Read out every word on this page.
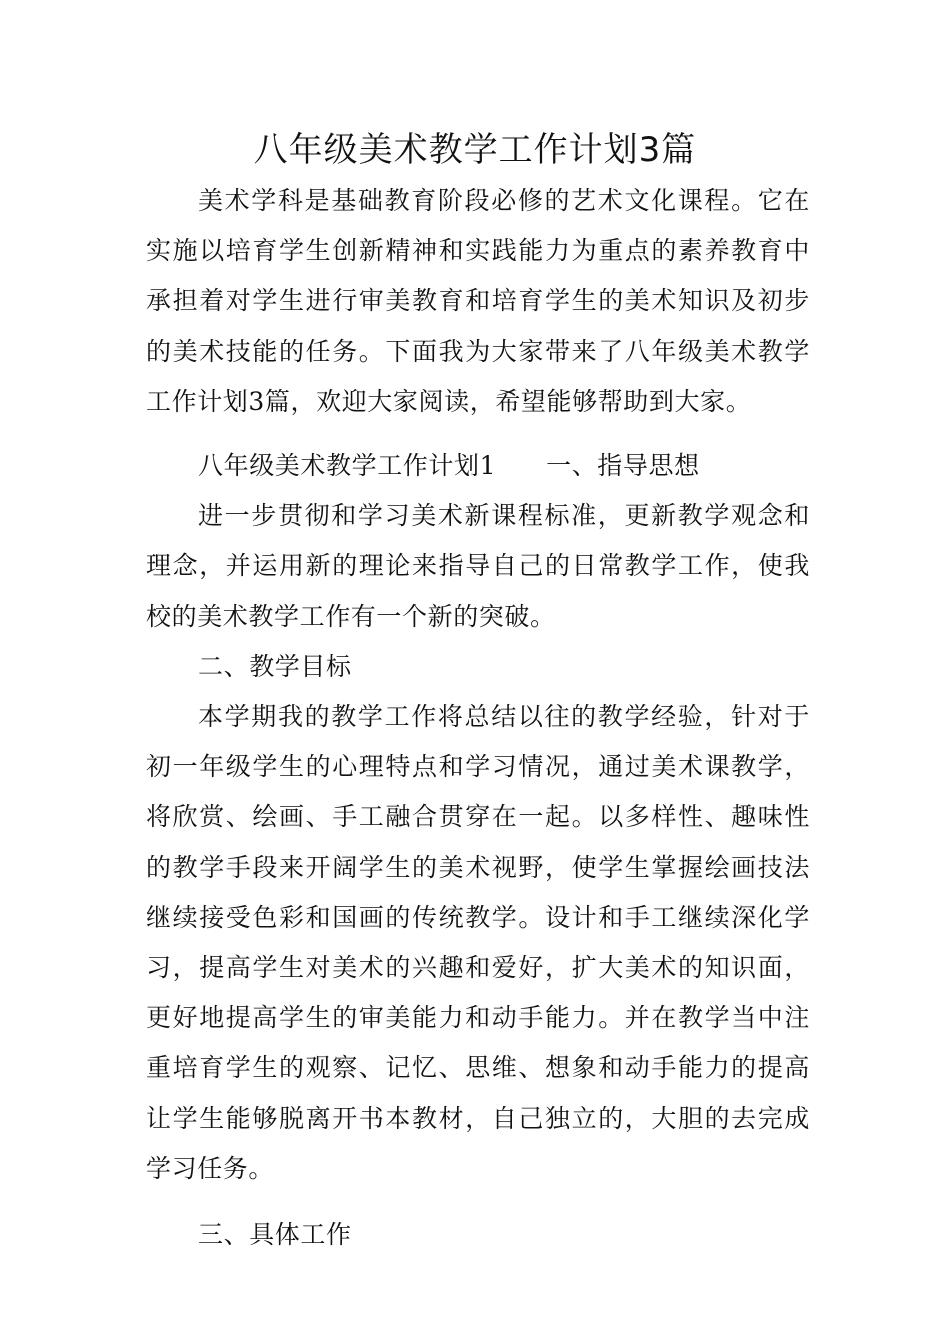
八年级美术教学工作计划3篇

美术学科是基础教育阶段必修的艺术文化课程。它在实施以培育学生创新精神和实践能力为重点的素养教育中承担着对学生进行审美教育和培育学生的美术知识及初步的美术技能的任务。下面我为大家带来了八年级美术教学工作计划3篇，欢迎大家阅读，希望能够帮助到大家。

八年级美术教学工作计划1 一、指导思想

进一步贯彻和学习美术新课程标准，更新教学观念和理念，并运用新的理论来指导自己的日常教学工作，使我校的美术教学工作有一个新的突破。

二、教学目标

本学期我的教学工作将总结以往的教学经验，针对于初一年级学生的心理特点和学习情况，通过美术课教学，将欣赏、绘画、手工融合贯穿在一起。以多样性、趣味性的教学手段来开阔学生的美术视野，使学生掌握绘画技法继续接受色彩和国画的传统教学。设计和手工继续深化学习，提高学生对美术的兴趣和爱好，扩大美术的知识面，更好地提高学生的审美能力和动手能力。并在教学当中注重培育学生的观察、记忆、思维、想象和动手能力的提高让学生能够脱离开书本教材，自己独立的，大胆的去完成学习任务。

三、具体工作
